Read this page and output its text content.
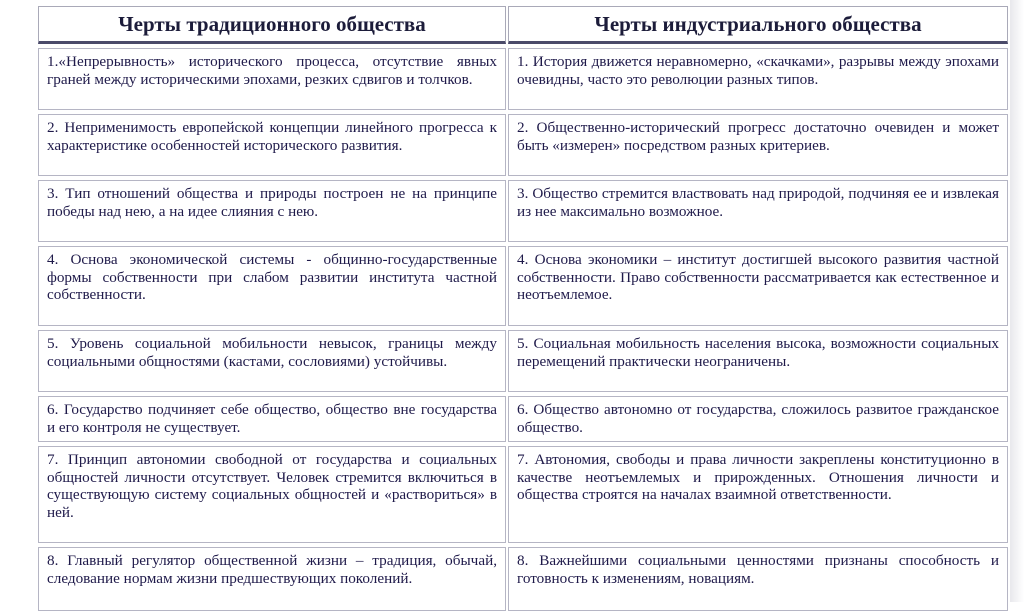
Черты традиционного общества	Черты индустриального общества
1.«Непрерывность» исторического процесса, отсутствие явных граней между историческими эпохами, резких сдвигов и толчков.	1. История движется неравномерно, «скачками», разрывы между эпохами очевидны, часто это революции разных типов.
2. Неприменимость европейской концепции линейного прогресса к характеристике особенностей исторического развития.	2. Общественно-исторический прогресс достаточно очевиден и может быть «измерен» посредством разных критериев.
3. Тип отношений общества и природы построен не на принципе победы над нею, а на идее слияния с нею.	3. Общество стремится властвовать над природой, подчиняя ее и извлекая из нее максимально возможное.
4. Основа экономической системы - общинно-государственные формы собственности при слабом развитии института частной собственности.	4. Основа экономики – институт достигшей высокого развития частной собственности. Право собственности рассматривается как естественное и неотъемлемое.
5. Уровень социальной мобильности невысок, границы между социальными общностями (кастами, сословиями) устойчивы.	5. Социальная мобильность населения высока, возможности социальных перемещений практически неограничены.
6. Государство подчиняет себе общество, общество вне государства и его контроля не существует.	6. Общество автономно от государства, сложилось развитое гражданское общество.
7. Принцип автономии свободной от государства и социальных общностей личности отсутствует. Человек стремится включиться в существующую систему социальных общностей и «раствориться» в ней.	7. Автономия, свободы и права личности закреплены конституционно в качестве неотъемлемых и прирожденных. Отношения личности и общества строятся на началах взаимной ответственности.
8. Главный регулятор общественной жизни – традиция, обычай, следование нормам жизни предшествующих поколений.	8. Важнейшими социальными ценностями признаны способность и готовность к изменениям, новациям.
